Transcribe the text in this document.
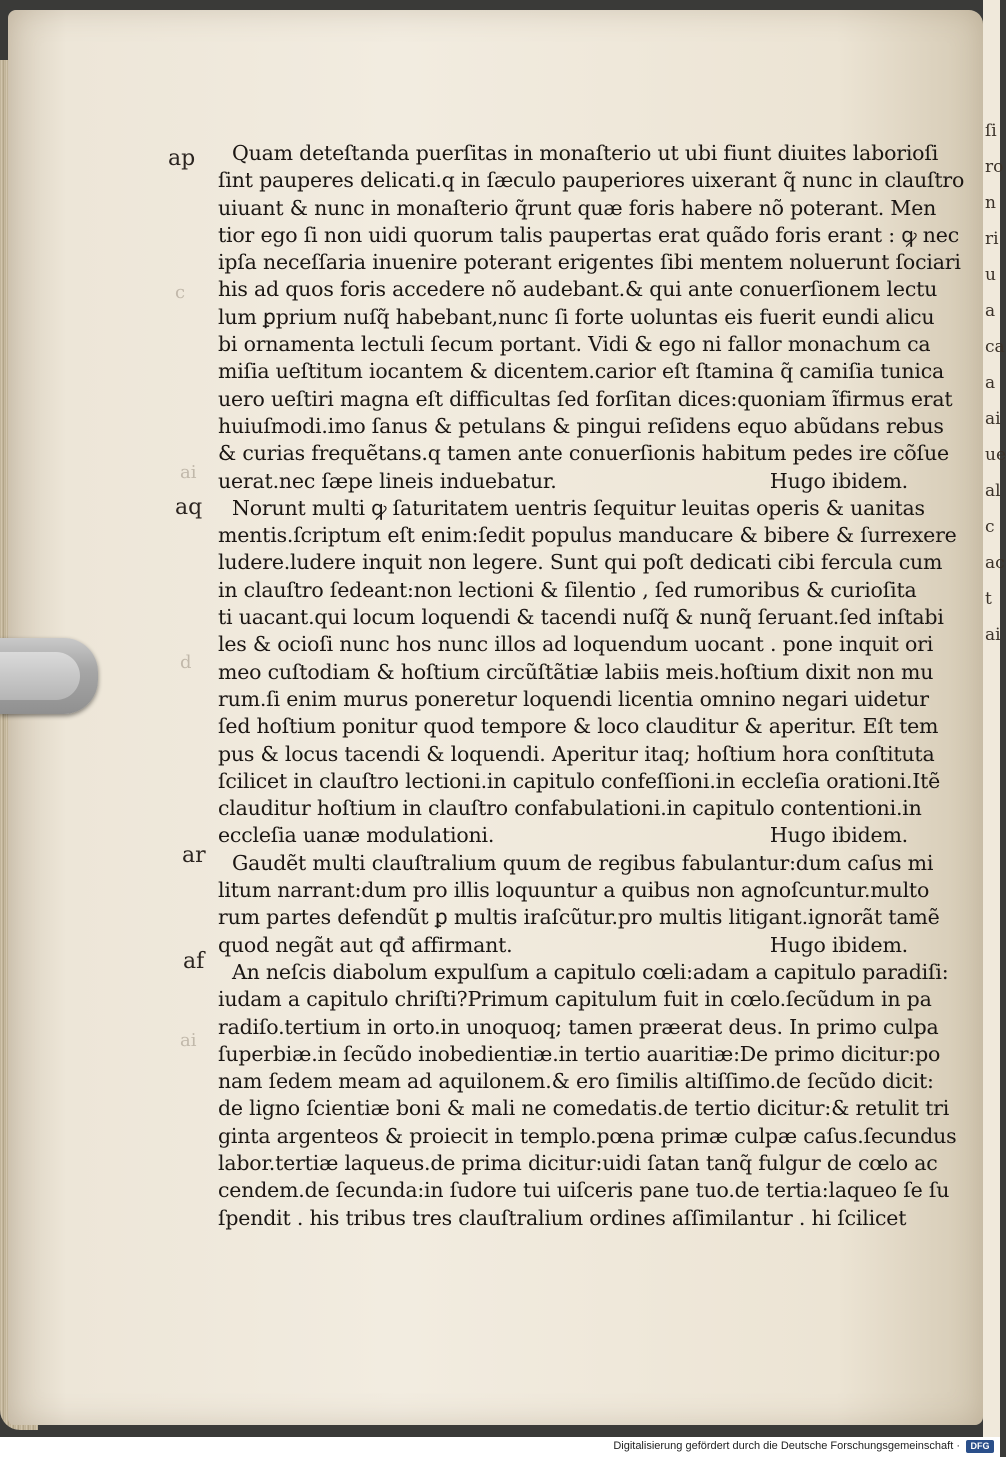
c
ai
d
ai
ap
aq
ar
af
Quam deteſtanda puerſitas in monaſterio ut ubi fiunt diuites laborioſi
ſint pauperes delicati.q in ſæculo pauperiores uixerant q̃ nunc in clauſtro
uiuant & nunc in monaſterio q̃runt quæ foris habere nõ poterant. Men
tior ego ſi non uidi quorum talis paupertas erat quãdo foris erant : ꝙ nec
ipſa neceſſaria inuenire poterant erigentes ſibi mentem noluerunt ſociari
his ad quos foris accedere nõ audebant.& qui ante conuerſionem lectu
lum ꝑprium nuſq̃ habebant,nunc ſi forte uoluntas eis fuerit eundi alicu
bi ornamenta lectuli ſecum portant. Vidi & ego ni fallor monachum ca
miſia ueſtitum iocantem & dicentem.carior eſt ſtamina q̃ camiſia tunica
uero ueſtiri magna eſt difficultas ſed forſitan dices:quoniam ĩfirmus erat
huiuſmodi.imo ſanus & petulans & pingui reſidens equo abũdans rebus
& curias frequẽtans.q tamen ante conuerſionis habitum pedes ire cõſue
uerat.nec ſæpe lineis induebatur.	Hugo ibidem.
Norunt multi ꝙ ſaturitatem uentris ſequitur leuitas operis & uanitas
mentis.ſcriptum eſt enim:ſedit populus manducare & bibere & ſurrexere
ludere.ludere inquit non legere. Sunt qui poſt dedicati cibi fercula cum
in clauſtro ſedeant:non lectioni & ſilentio , ſed rumoribus & curioſita
ti uacant.qui locum loquendi & tacendi nuſq̃ & nunq̃ ſeruant.ſed inſtabi
les & ocioſi nunc hos nunc illos ad loquendum uocant . pone inquit ori
meo cuſtodiam & hoſtium circũſtãtiæ labiis meis.hoſtium dixit non mu
rum.ſi enim murus poneretur loquendi licentia omnino negari uidetur
ſed hoſtium ponitur quod tempore & loco clauditur & aperitur. Eſt tem
pus & locus tacendi & loquendi. Aperitur itaq; hoſtium hora conſtituta
ſcilicet in clauſtro lectioni.in capitulo confeſſioni.in eccleſia orationi.Itẽ
clauditur hoſtium in clauſtro confabulationi.in capitulo contentioni.in
eccleſia uanæ modulationi.	Hugo ibidem.
Gaudẽt multi clauſtralium quum de regibus fabulantur:dum caſus mi
litum narrant:dum pro illis loquuntur a quibus non agnoſcuntur.multo
rum partes defendũt ꝑ multis iraſcũtur.pro multis litigant.ignorãt tamẽ
quod negãt aut qđ affirmant.	Hugo ibidem.
An neſcis diabolum expulſum a capitulo cœli:adam a capitulo paradiſi:
iudam a capitulo chriſti?Primum capitulum fuit in cœlo.ſecũdum in pa
radiſo.tertium in orto.in unoquoq; tamen præerat deus. In primo culpa
ſuperbiæ.in ſecũdo inobedientiæ.in tertio auaritiæ:De primo dicitur:po
nam ſedem meam ad aquilonem.& ero ſimilis altiſſimo.de ſecũdo dicit:
de ligno ſcientiæ boni & mali ne comedatis.de tertio dicitur:& retulit tri
ginta argenteos & proiecit in templo.pœna primæ culpæ caſus.ſecundus
labor.tertiæ laqueus.de prima dicitur:uidi ſatan tanq̃ fulgur de cœlo ac
cendem.de ſecunda:in ſudore tui uiſceris pane tuo.de tertia:laqueo ſe ſu
ſpendit . his tribus tres clauſtralium ordines aſſimilantur . hi ſcilicet
ſi
ro
n
ri
u
a
ca
a
ai
ue
al
c
ac
t
ai
Digitalisierung gefördert durch die Deutsche Forschungsgemeinschaft ·	DFG
